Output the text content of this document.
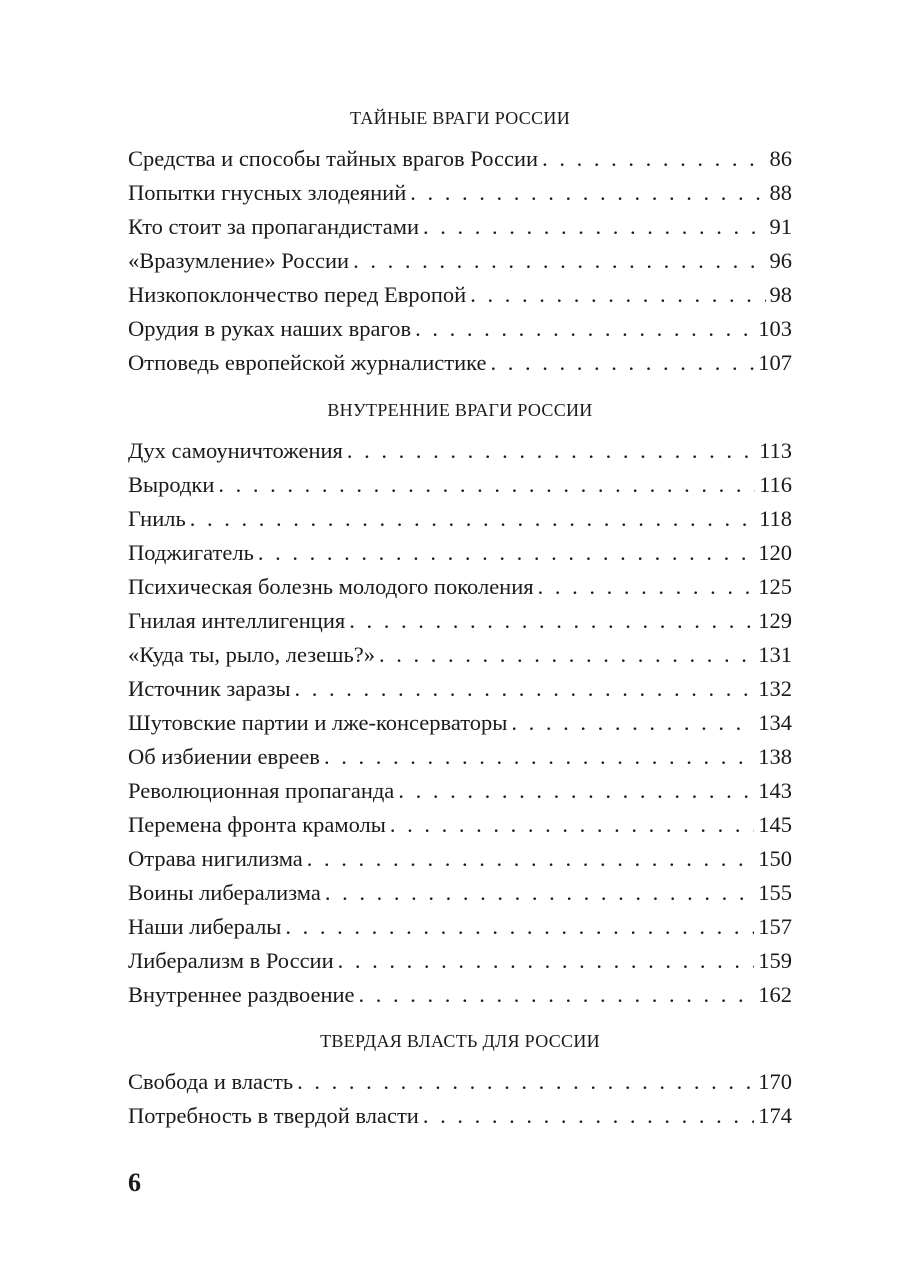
ТАЙНЫЕ ВРАГИ РОССИИ
Средства и способы тайных врагов России . . .	86
Попытки гнусных злодеяний . . .	88
Кто стоит за пропагандистами . . .	91
«Вразумление» России . . .	96
Низкопоклончество перед Европой . . .	98
Орудия в руках наших врагов . . .	103
Отповедь европейской журналистике . . .	107
ВНУТРЕННИЕ ВРАГИ РОССИИ
Дух самоуничтожения . . .	113
Выродки . . .	116
Гниль . . .	118
Поджигатель . . .	120
Психическая болезнь молодого поколения . . .	125
Гнилая интеллигенция . . .	129
«Куда ты, рыло, лезешь?» . . .	131
Источник заразы . . .	132
Шутовские партии и лже-консерваторы . . .	134
Об избиении евреев . . .	138
Революционная пропаганда . . .	143
Перемена фронта крамолы . . .	145
Отрава нигилизма . . .	150
Воины либерализма . . .	155
Наши либералы . . .	157
Либерализм в России . . .	159
Внутреннее раздвоение . . .	162
ТВЕРДАЯ ВЛАСТЬ ДЛЯ РОССИИ
Свобода и власть . . .	170
Потребность в твердой власти . . .	174
6
